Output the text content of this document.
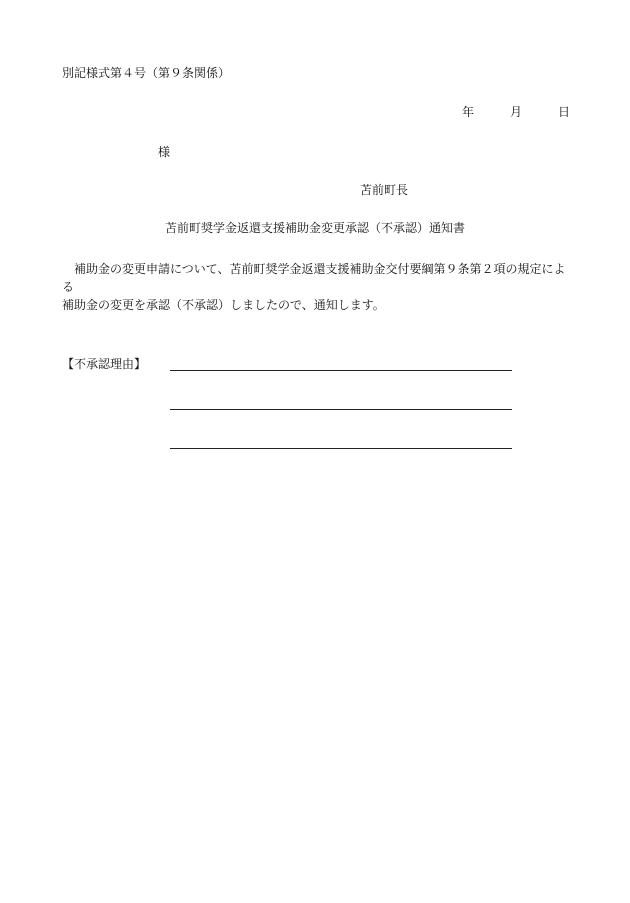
別記様式第４号（第９条関係）
年	月	日
様
苫前町長
苫前町奨学金返還支援補助金変更承認（不承認）通知書
　補助金の変更申請について、苫前町奨学金返還支援補助金交付要綱第９条第２項の規定による
補助金の変更を承認（不承認）しましたので、通知します。
【不承認理由】
